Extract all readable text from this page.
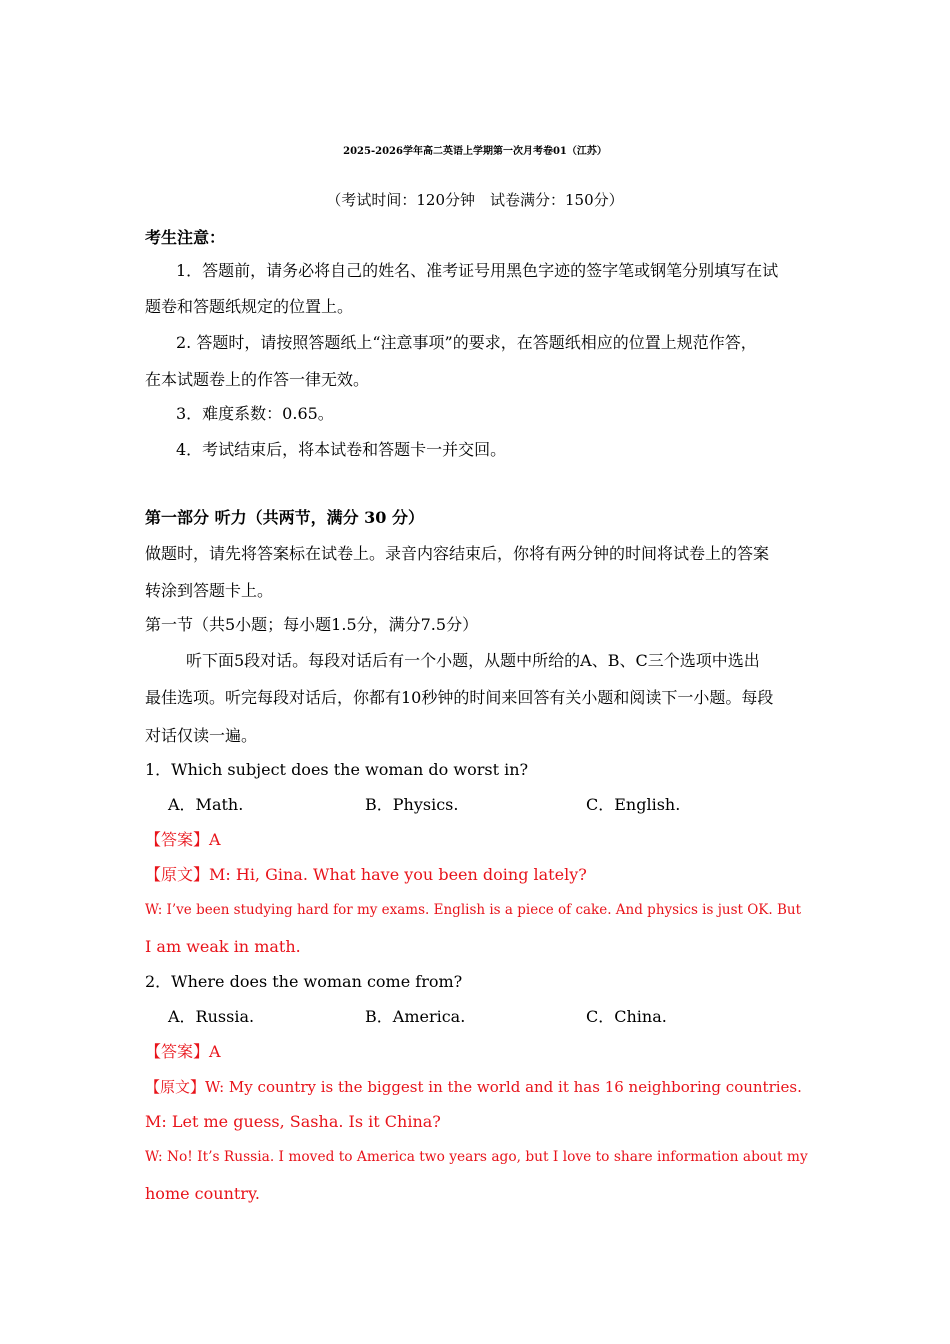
2025-2026学年高二英语上学期第一次月考卷01（江苏）
（考试时间：120分钟　试卷满分：150分）
考生注意：
1．答题前，请务必将自己的姓名、准考证号用黑色字迹的签字笔或钢笔分别填写在试
题卷和答题纸规定的位置上。
2. 答题时，请按照答题纸上“注意事项”的要求，在答题纸相应的位置上规范作答，
在本试题卷上的作答一律无效。
3．难度系数：0.65。
4．考试结束后，将本试卷和答题卡一并交回。
第一部分 听力（共两节，满分 30 分）
做题时，请先将答案标在试卷上。录音内容结束后，你将有两分钟的时间将试卷上的答案
转涂到答题卡上。
第一节（共5小题；每小题1.5分，满分7.5分）
听下面5段对话。每段对话后有一个小题，从题中所给的A、B、C三个选项中选出
最佳选项。听完每段对话后，你都有10秒钟的时间来回答有关小题和阅读下一小题。每段
对话仅读一遍。
1．Which subject does the woman do worst in?
A．Math.	B．Physics.	C．English.
【答案】A
【原文】M: Hi, Gina. What have you been doing lately?
W: I’ve been studying hard for my exams. English is a piece of cake. And physics is just OK. But
I am weak in math.
2．Where does the woman come from?
A．Russia.	B．America.	C．China.
【答案】A
【原文】W: My country is the biggest in the world and it has 16 neighboring countries.
M: Let me guess, Sasha. Is it China?
W: No! It’s Russia. I moved to America two years ago, but I love to share information about my
home country.
